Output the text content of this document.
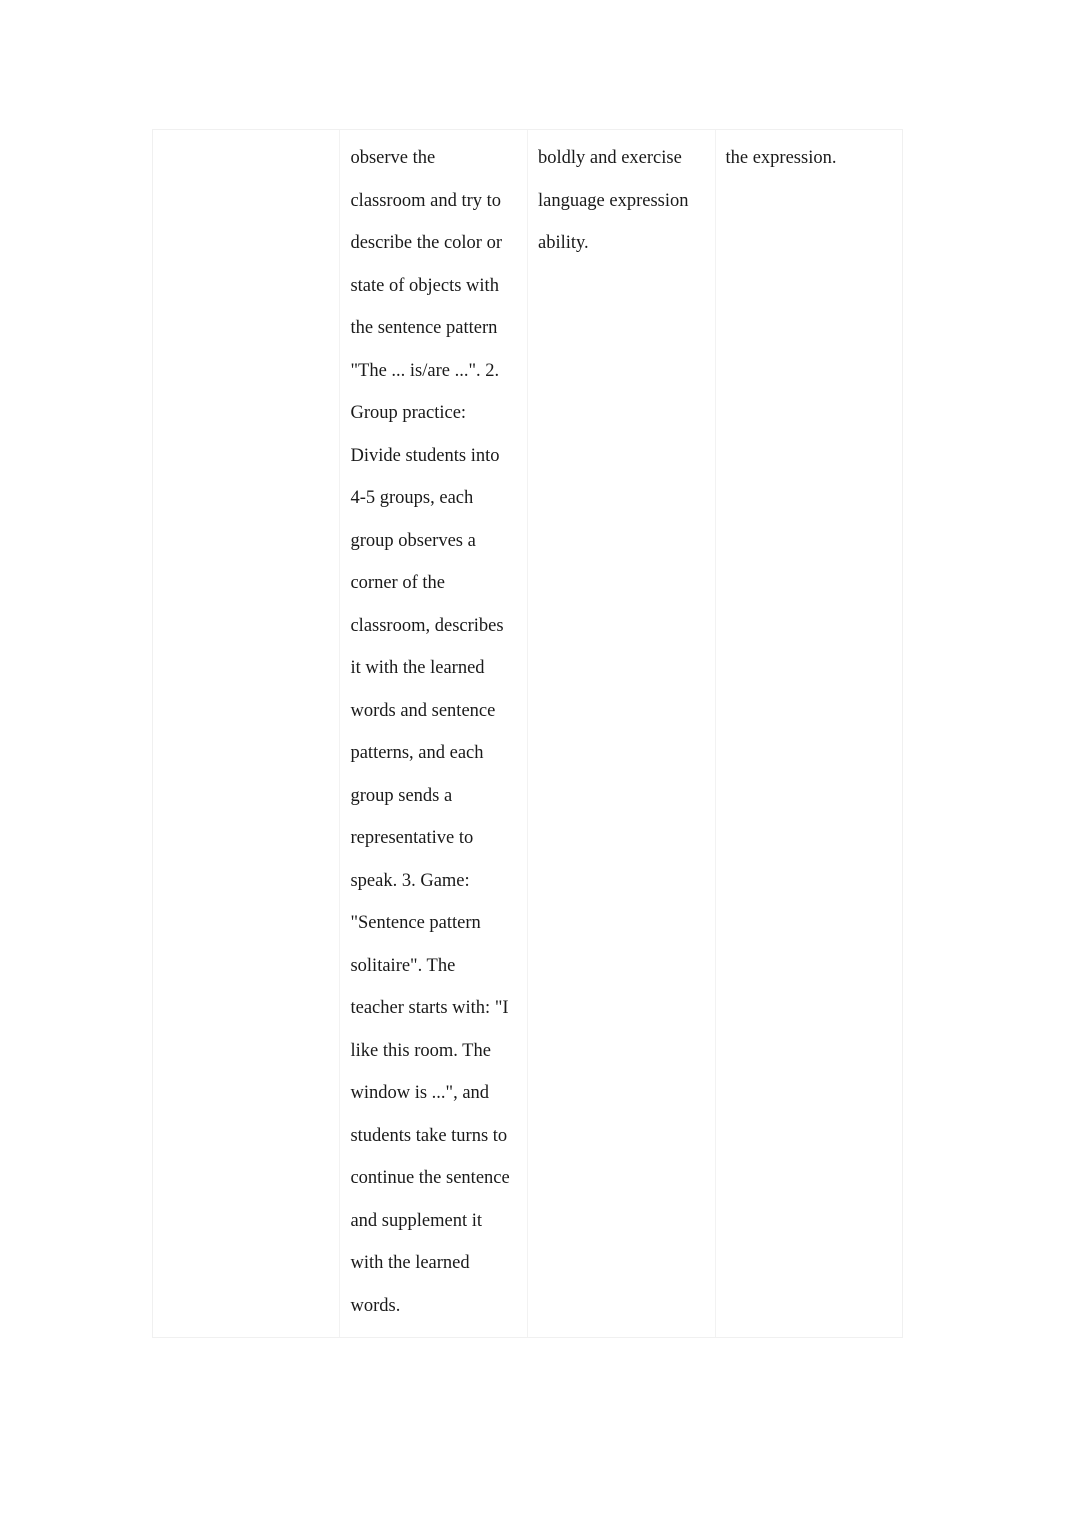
observe the
classroom and try to
describe the color or
state of objects with
the sentence pattern
"The ... is/are ...". 2.
Group practice:
Divide students into
4-5 groups, each
group observes a
corner of the
classroom, describes
it with the learned
words and sentence
patterns, and each
group sends a
representative to
speak. 3. Game:
"Sentence pattern
solitaire". The
teacher starts with: "I
like this room. The
window is ...", and
students take turns to
continue the sentence
and supplement it
with the learned
words.
boldly and exercise
language expression
ability.
the expression.
